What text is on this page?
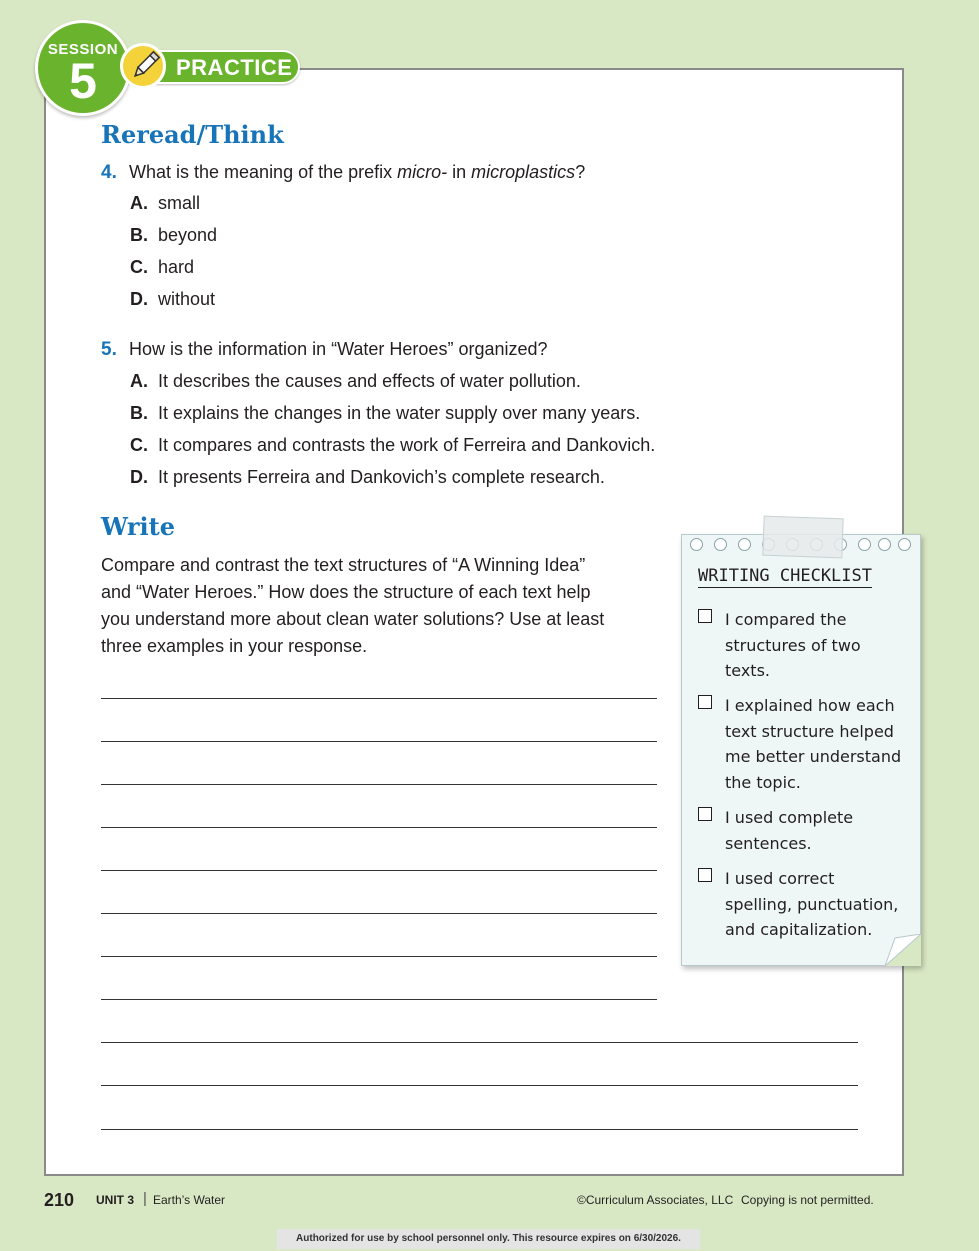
PRACTICE
SESSION
5
Reread/Think
4. What is the meaning of the prefix micro- in microplastics?
A. small
B. beyond
C. hard
D. without
5. How is the information in “Water Heroes” organized?
A. It describes the causes and effects of water pollution.
B. It explains the changes in the water supply over many years.
C. It compares and contrasts the work of Ferreira and Dankovich.
D. It presents Ferreira and Dankovich’s complete research.
Write
Compare and contrast the text structures of “A Winning Idea”
and “Water Heroes.” How does the structure of each text help
you understand more about clean water solutions? Use at least
three examples in your response.
WRITING CHECKLIST
I compared the
structures of two
texts.
I explained how each
text structure helped
me better understand
the topic.
I used complete
sentences.
I used correct
spelling, punctuation,
and capitalization.
210 UNIT 3 | Earth’s Water	©Curriculum Associates, LLC Copying is not permitted.
Authorized for use by school personnel only. This resource expires on 6/30/2026.
